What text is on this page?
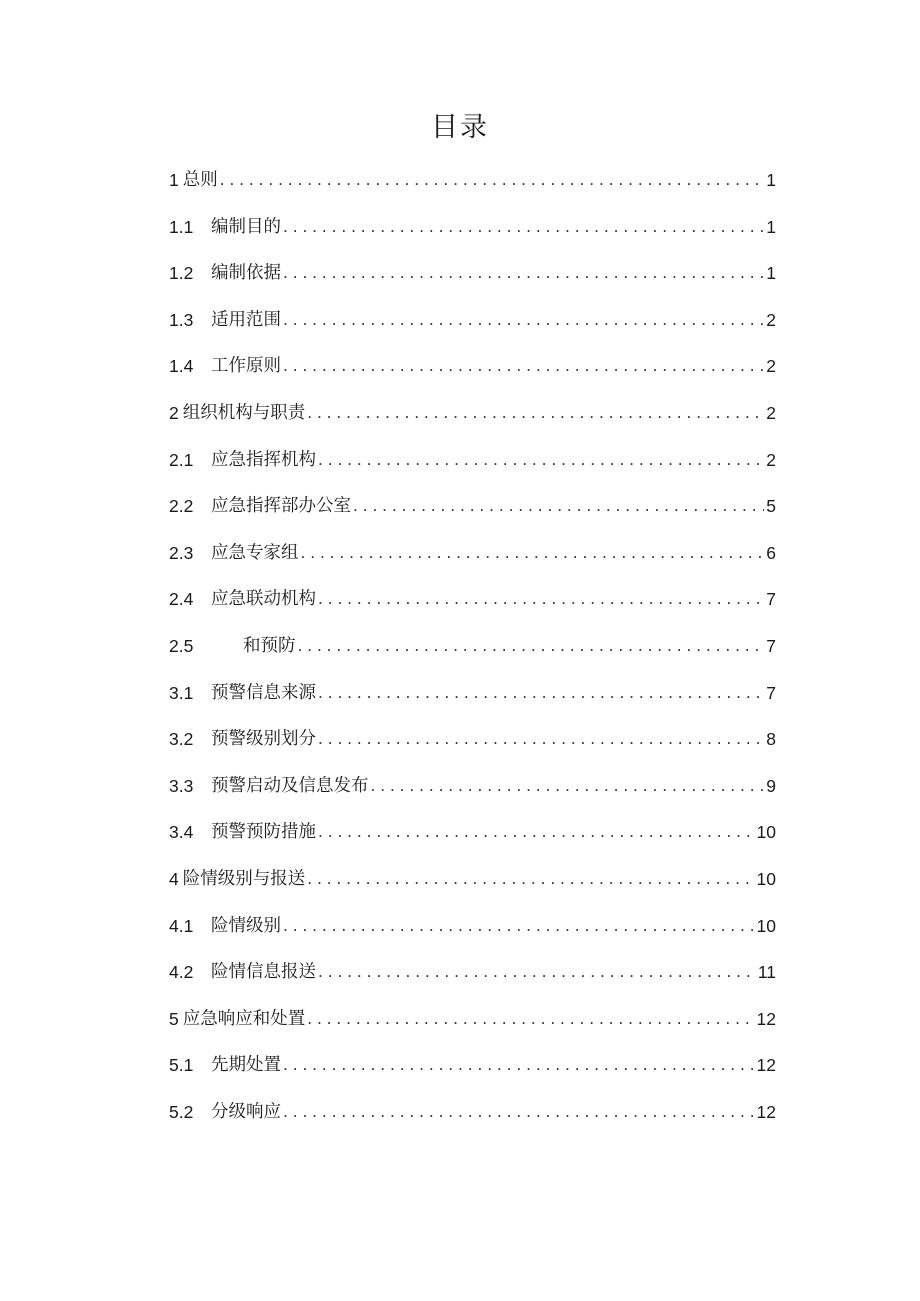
目录
1 总则 . . .	1
1.1	编制目的 . . .	1
1.2	编制依据 . . .	1
1.3	适用范围 . . .	2
1.4	工作原则 . . .	2
2 组织机构与职责 . . .	2
2.1	应急指挥机构 . . .	2
2.2	应急指挥部办公室 . . .	5
2.3	应急专家组 . . .	6
2.4	应急联动机构 . . .	7
2.5	和预防 . . .	7
3.1	预警信息来源 . . .	7
3.2	预警级别划分 . . .	8
3.3	预警启动及信息发布 . . .	9
3.4	预警预防措施 . . .	10
4 险情级别与报送 . . .	10
4.1	险情级别 . . .	10
4.2	险情信息报送 . . .	11
5 应急响应和处置 . . .	12
5.1	先期处置 . . .	12
5.2	分级响应 . . .	12
